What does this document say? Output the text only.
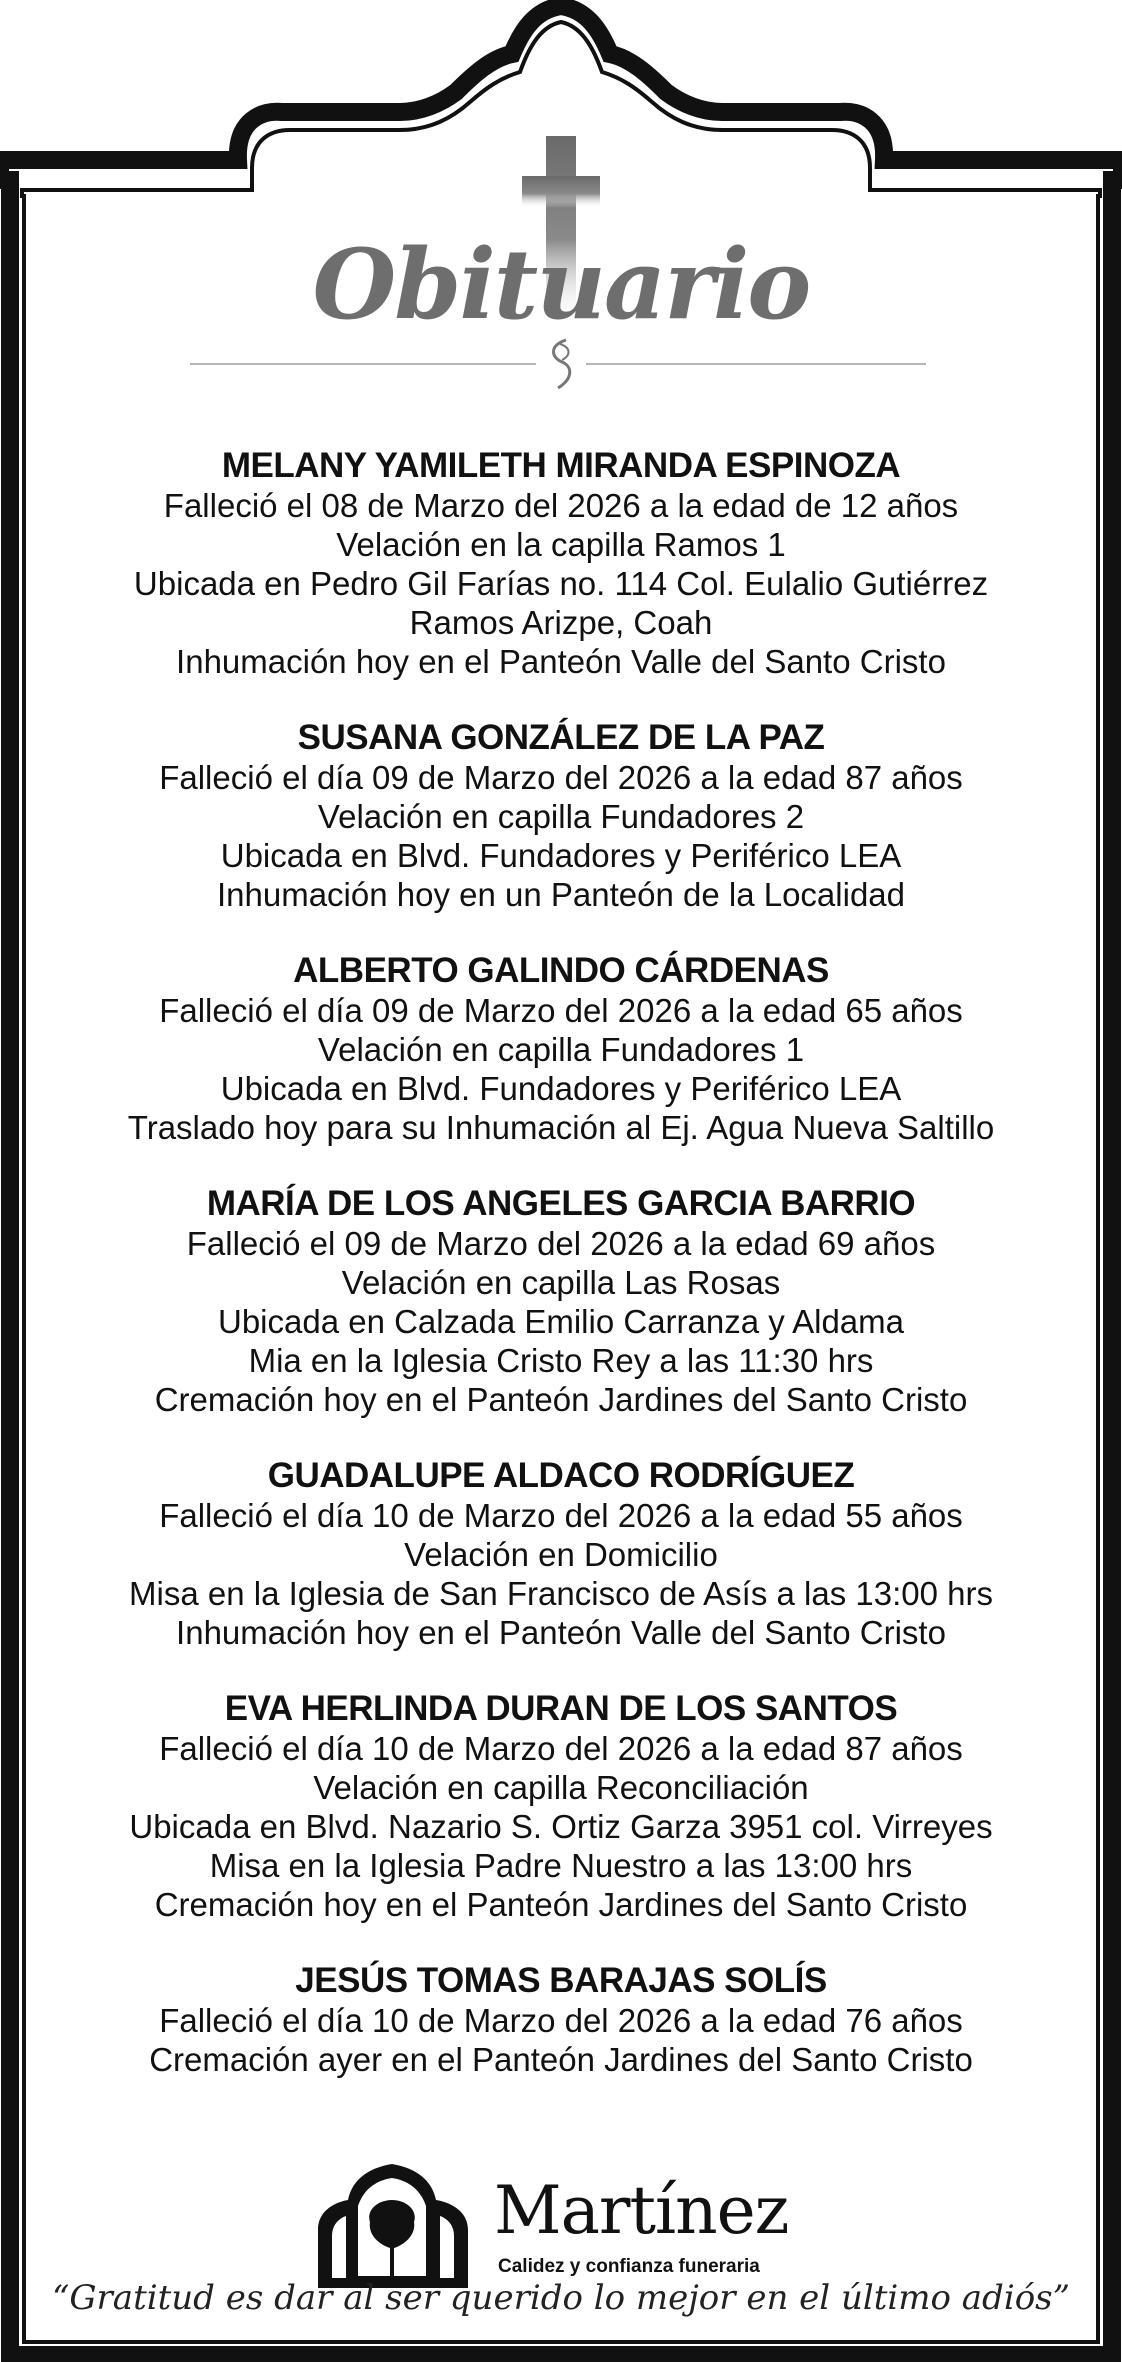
Obituario
MELANY YAMILETH MIRANDA ESPINOZA
Falleció el 08 de Marzo del 2026 a la edad de 12 años
Velación en la capilla Ramos 1
Ubicada en Pedro Gil Farías no. 114 Col. Eulalio Gutiérrez
Ramos Arizpe, Coah
Inhumación hoy en el Panteón Valle del Santo Cristo
SUSANA GONZÁLEZ DE LA PAZ
Falleció el día 09 de Marzo del 2026 a la edad 87 años
Velación en capilla Fundadores 2
Ubicada en Blvd. Fundadores y Periférico LEA
Inhumación hoy en un Panteón de la Localidad
ALBERTO GALINDO CÁRDENAS
Falleció el día 09 de Marzo del 2026 a la edad 65 años
Velación en capilla Fundadores 1
Ubicada en Blvd. Fundadores y Periférico LEA
Traslado hoy para su Inhumación al Ej. Agua Nueva Saltillo
MARÍA DE LOS ANGELES GARCIA BARRIO
Falleció el 09 de Marzo del 2026 a la edad 69 años
Velación en capilla Las Rosas
Ubicada en Calzada Emilio Carranza y Aldama
Mia en la Iglesia Cristo Rey a las 11:30 hrs
Cremación hoy en el Panteón Jardines del Santo Cristo
GUADALUPE ALDACO RODRÍGUEZ
Falleció el día 10 de Marzo del 2026 a la edad 55 años
Velación en Domicilio
Misa en la Iglesia de San Francisco de Asís a las 13:00 hrs
Inhumación hoy en el Panteón Valle del Santo Cristo
EVA HERLINDA DURAN DE LOS SANTOS
Falleció el día 10 de Marzo del 2026 a la edad 87 años
Velación en capilla Reconciliación
Ubicada en Blvd. Nazario S. Ortiz Garza 3951 col. Virreyes
Misa en la Iglesia Padre Nuestro a las 13:00 hrs
Cremación hoy en el Panteón Jardines del Santo Cristo
JESÚS TOMAS BARAJAS SOLÍS
Falleció el día 10 de Marzo del 2026 a la edad 76 años
Cremación ayer en el Panteón Jardines del Santo Cristo
Martínez
Calidez y confianza funeraria
“Gratitud es dar al ser querido lo mejor en el último adiós”
